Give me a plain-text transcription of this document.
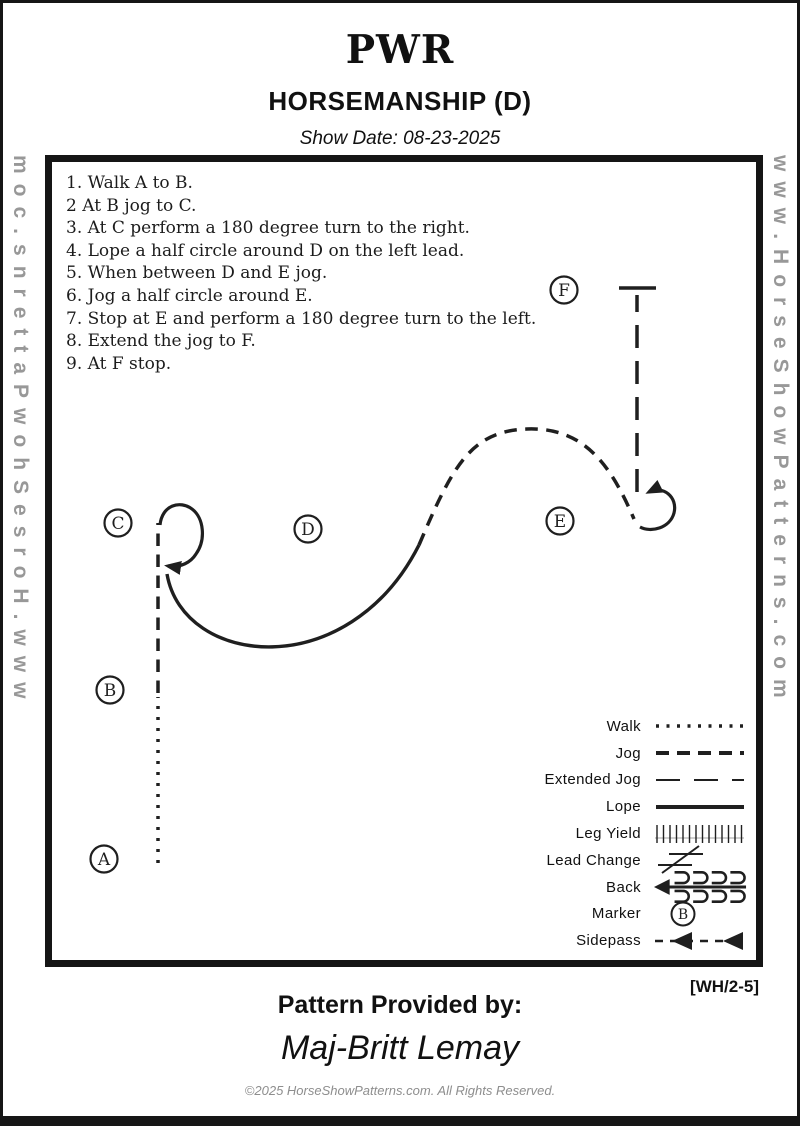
moc.snrettaPwohSesroH.www	www.HorseShowPatterns.com
PWR
HORSEMANSHIP (D)
Show Date: 08-23-2025
1. Walk A to B.
2 At B jog to C.
3. At C perform a 180 degree turn to the right.
4. Lope a half circle around D on the left lead.
5. When between D and E jog.
6. Jog a half circle around E.
7. Stop at E and perform a 180 degree turn to the left.
8. Extend the jog to F.
9. At F stop.
A
B
C	D	E
F
Walk
Jog
Extended Jog
Lope
Leg Yield
Lead Change
Back
Marker	B
Sidepass
[WH/2-5]
Pattern Provided by:
Maj-Britt Lemay
©2025 HorseShowPatterns.com. All Rights Reserved.
